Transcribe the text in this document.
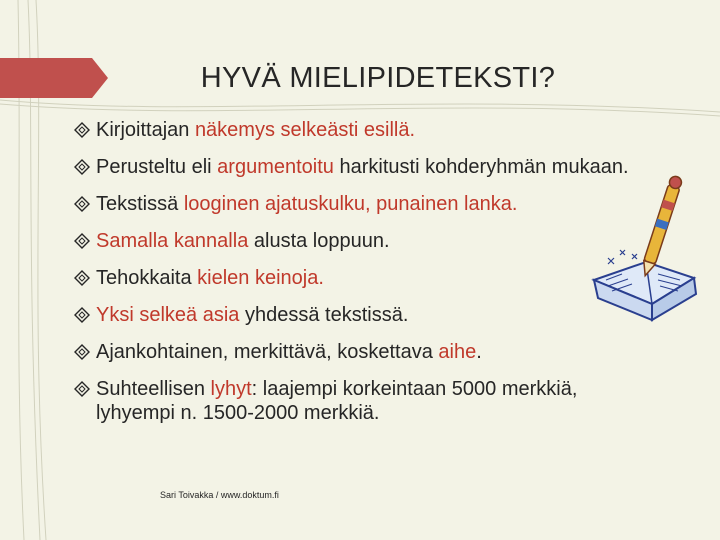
HYVÄ MIELIPIDETEKSTI?
Kirjoittajan näkemys selkeästi esillä.
Perusteltu eli argumentoitu harkitusti kohderyhmän mukaan.
Tekstissä looginen ajatuskulku, punainen lanka.
Samalla kannalla alusta loppuun.
Tehokkaita kielen keinoja.
Yksi selkeä asia yhdessä tekstissä.
Ajankohtainen, merkittävä, koskettava aihe.
Suhteellisen lyhyt: laajempi korkeintaan 5000 merkkiä, lyhyempi n. 1500-2000 merkkiä.
Sari Toivakka / www.doktum.fi
